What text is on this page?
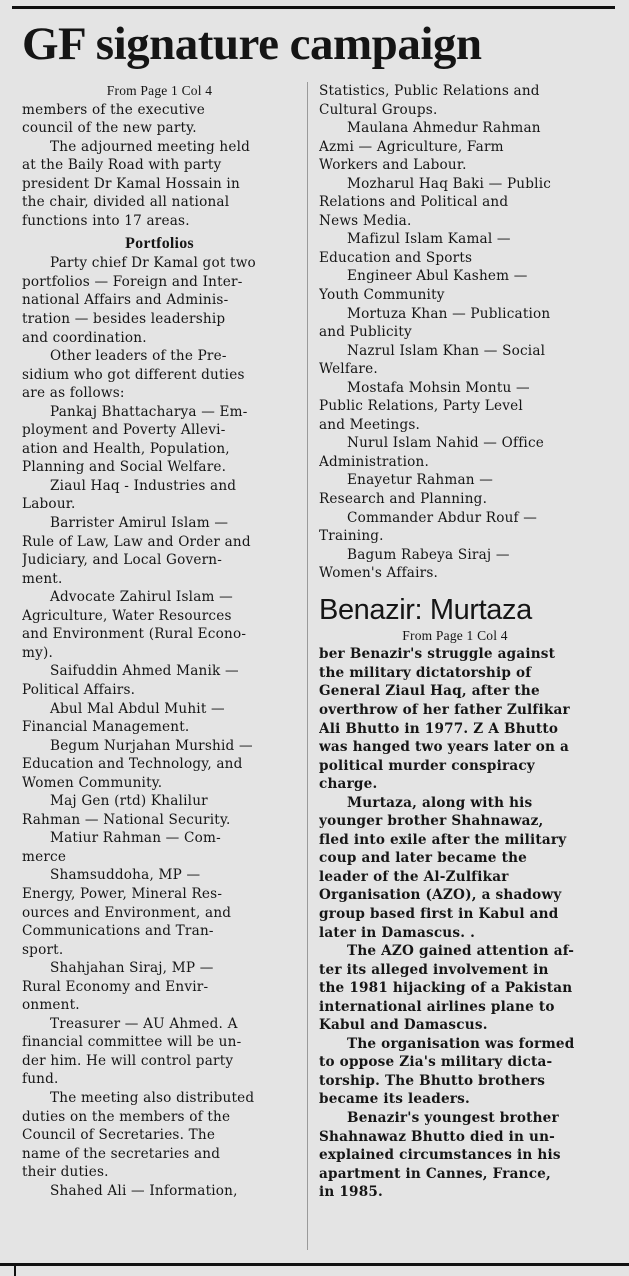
GF signature campaign

From Page 1 Col 4

members of the executive

council of the new party.

The adjourned meeting held

at the Baily Road with party

president Dr Kamal Hossain in

the chair, divided all national

functions into 17 areas.

Portfolios

Party chief Dr Kamal got two

portfolios — Foreign and Inter-

national Affairs and Adminis-

tration — besides leadership

and coordination.

Other leaders of the Pre-

sidium who got different duties

are as follows:

Pankaj Bhattacharya — Em-

ployment and Poverty Allevi-

ation and Health, Population,

Planning and Social Welfare.

Ziaul Haq - Industries and

Labour.

Barrister Amirul Islam —

Rule of Law, Law and Order and

Judiciary, and Local Govern-

ment.

Advocate Zahirul Islam —

Agriculture, Water Resources

and Environment (Rural Econo-

my).

Saifuddin Ahmed Manik —

Political Affairs.

Abul Mal Abdul Muhit —

Financial Management.

Begum Nurjahan Murshid —

Education and Technology, and

Women Community.

Maj Gen (rtd) Khalilur

Rahman — National Security.

Matiur Rahman — Com-

merce

Shamsuddoha, MP —

Energy, Power, Mineral Res-

ources and Environment, and

Communications and Tran-

sport.

Shahjahan Siraj, MP —

Rural Economy and Envir-

onment.

Treasurer — AU Ahmed. A

financial committee will be un-

der him. He will control party

fund.

The meeting also distributed

duties on the members of the

Council of Secretaries. The

name of the secretaries and

their duties.

Shahed Ali — Information,

Statistics, Public Relations and

Cultural Groups.

Maulana Ahmedur Rahman

Azmi — Agriculture, Farm

Workers and Labour.

Mozharul Haq Baki — Public

Relations and Political and

News Media.

Mafizul Islam Kamal —

Education and Sports

Engineer Abul Kashem —

Youth Community

Mortuza Khan — Publication

and Publicity

Nazrul Islam Khan — Social

Welfare.

Mostafa Mohsin Montu —

Public Relations, Party Level

and Meetings.

Nurul Islam Nahid — Office

Administration.

Enayetur Rahman —

Research and Planning.

Commander Abdur Rouf —

Training.

Bagum Rabeya Siraj —

Women's Affairs.

Benazir: Murtaza

From Page 1 Col 4

ber Benazir's struggle against

the military dictatorship of

General Ziaul Haq, after the

overthrow of her father Zulfikar

Ali Bhutto in 1977. Z A Bhutto

was hanged two years later on a

political murder conspiracy

charge.

Murtaza, along with his

younger brother Shahnawaz,

fled into exile after the military

coup and later became the

leader of the Al-Zulfikar

Organisation (AZO), a shadowy

group based first in Kabul and

later in Damascus. .

The AZO gained attention af-

ter its alleged involvement in

the 1981 hijacking of a Pakistan

international airlines plane to

Kabul and Damascus.

The organisation was formed

to oppose Zia's military dicta-

torship. The Bhutto brothers

became its leaders.

Benazir's youngest brother

Shahnawaz Bhutto died in un-

explained circumstances in his

apartment in Cannes, France,

in 1985.
